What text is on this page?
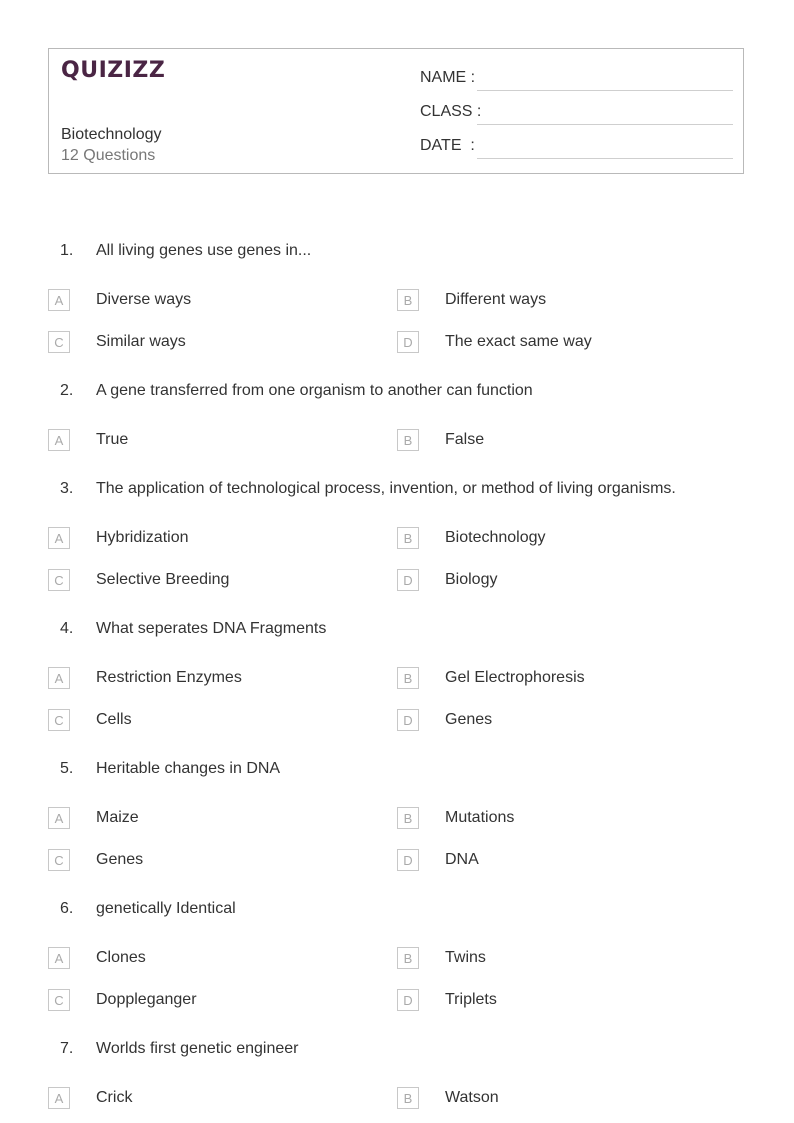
QUIZIZZ
Biotechnology
12 Questions
NAME :
CLASS :
DATE  :
1. All living genes use genes in...
A	Diverse ways	B	Different ways
C	Similar ways	D	The exact same way
2. A gene transferred from one organism to another can function
A	True	B	False
3. The application of technological process, invention, or method of living organisms.
A	Hybridization	B	Biotechnology
C	Selective Breeding	D	Biology
4. What seperates DNA Fragments
A	Restriction Enzymes	B	Gel Electrophoresis
C	Cells	D	Genes
5. Heritable changes in DNA
A	Maize	B	Mutations
C	Genes	D	DNA
6. genetically Identical
A	Clones	B	Twins
C	Doppleganger	D	Triplets
7. Worlds first genetic engineer
A	Crick	B	Watson
